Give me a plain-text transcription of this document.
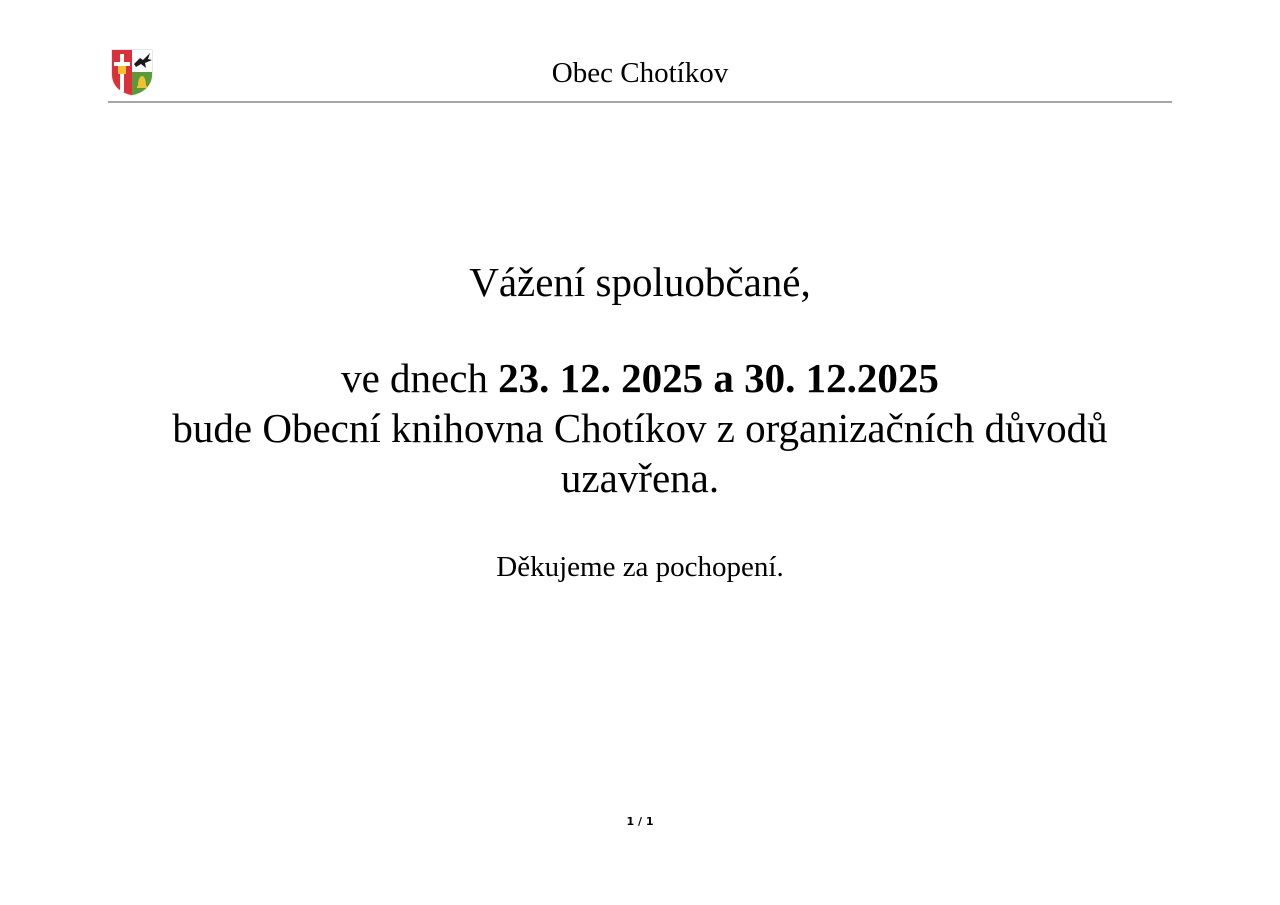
Obec Chotíkov
Vážení spoluobčané,
ve dnech 23. 12. 2025 a 30. 12.2025
bude Obecní knihovna Chotíkov z organizačních důvodů
uzavřena.
Děkujeme za pochopení.
1 / 1
